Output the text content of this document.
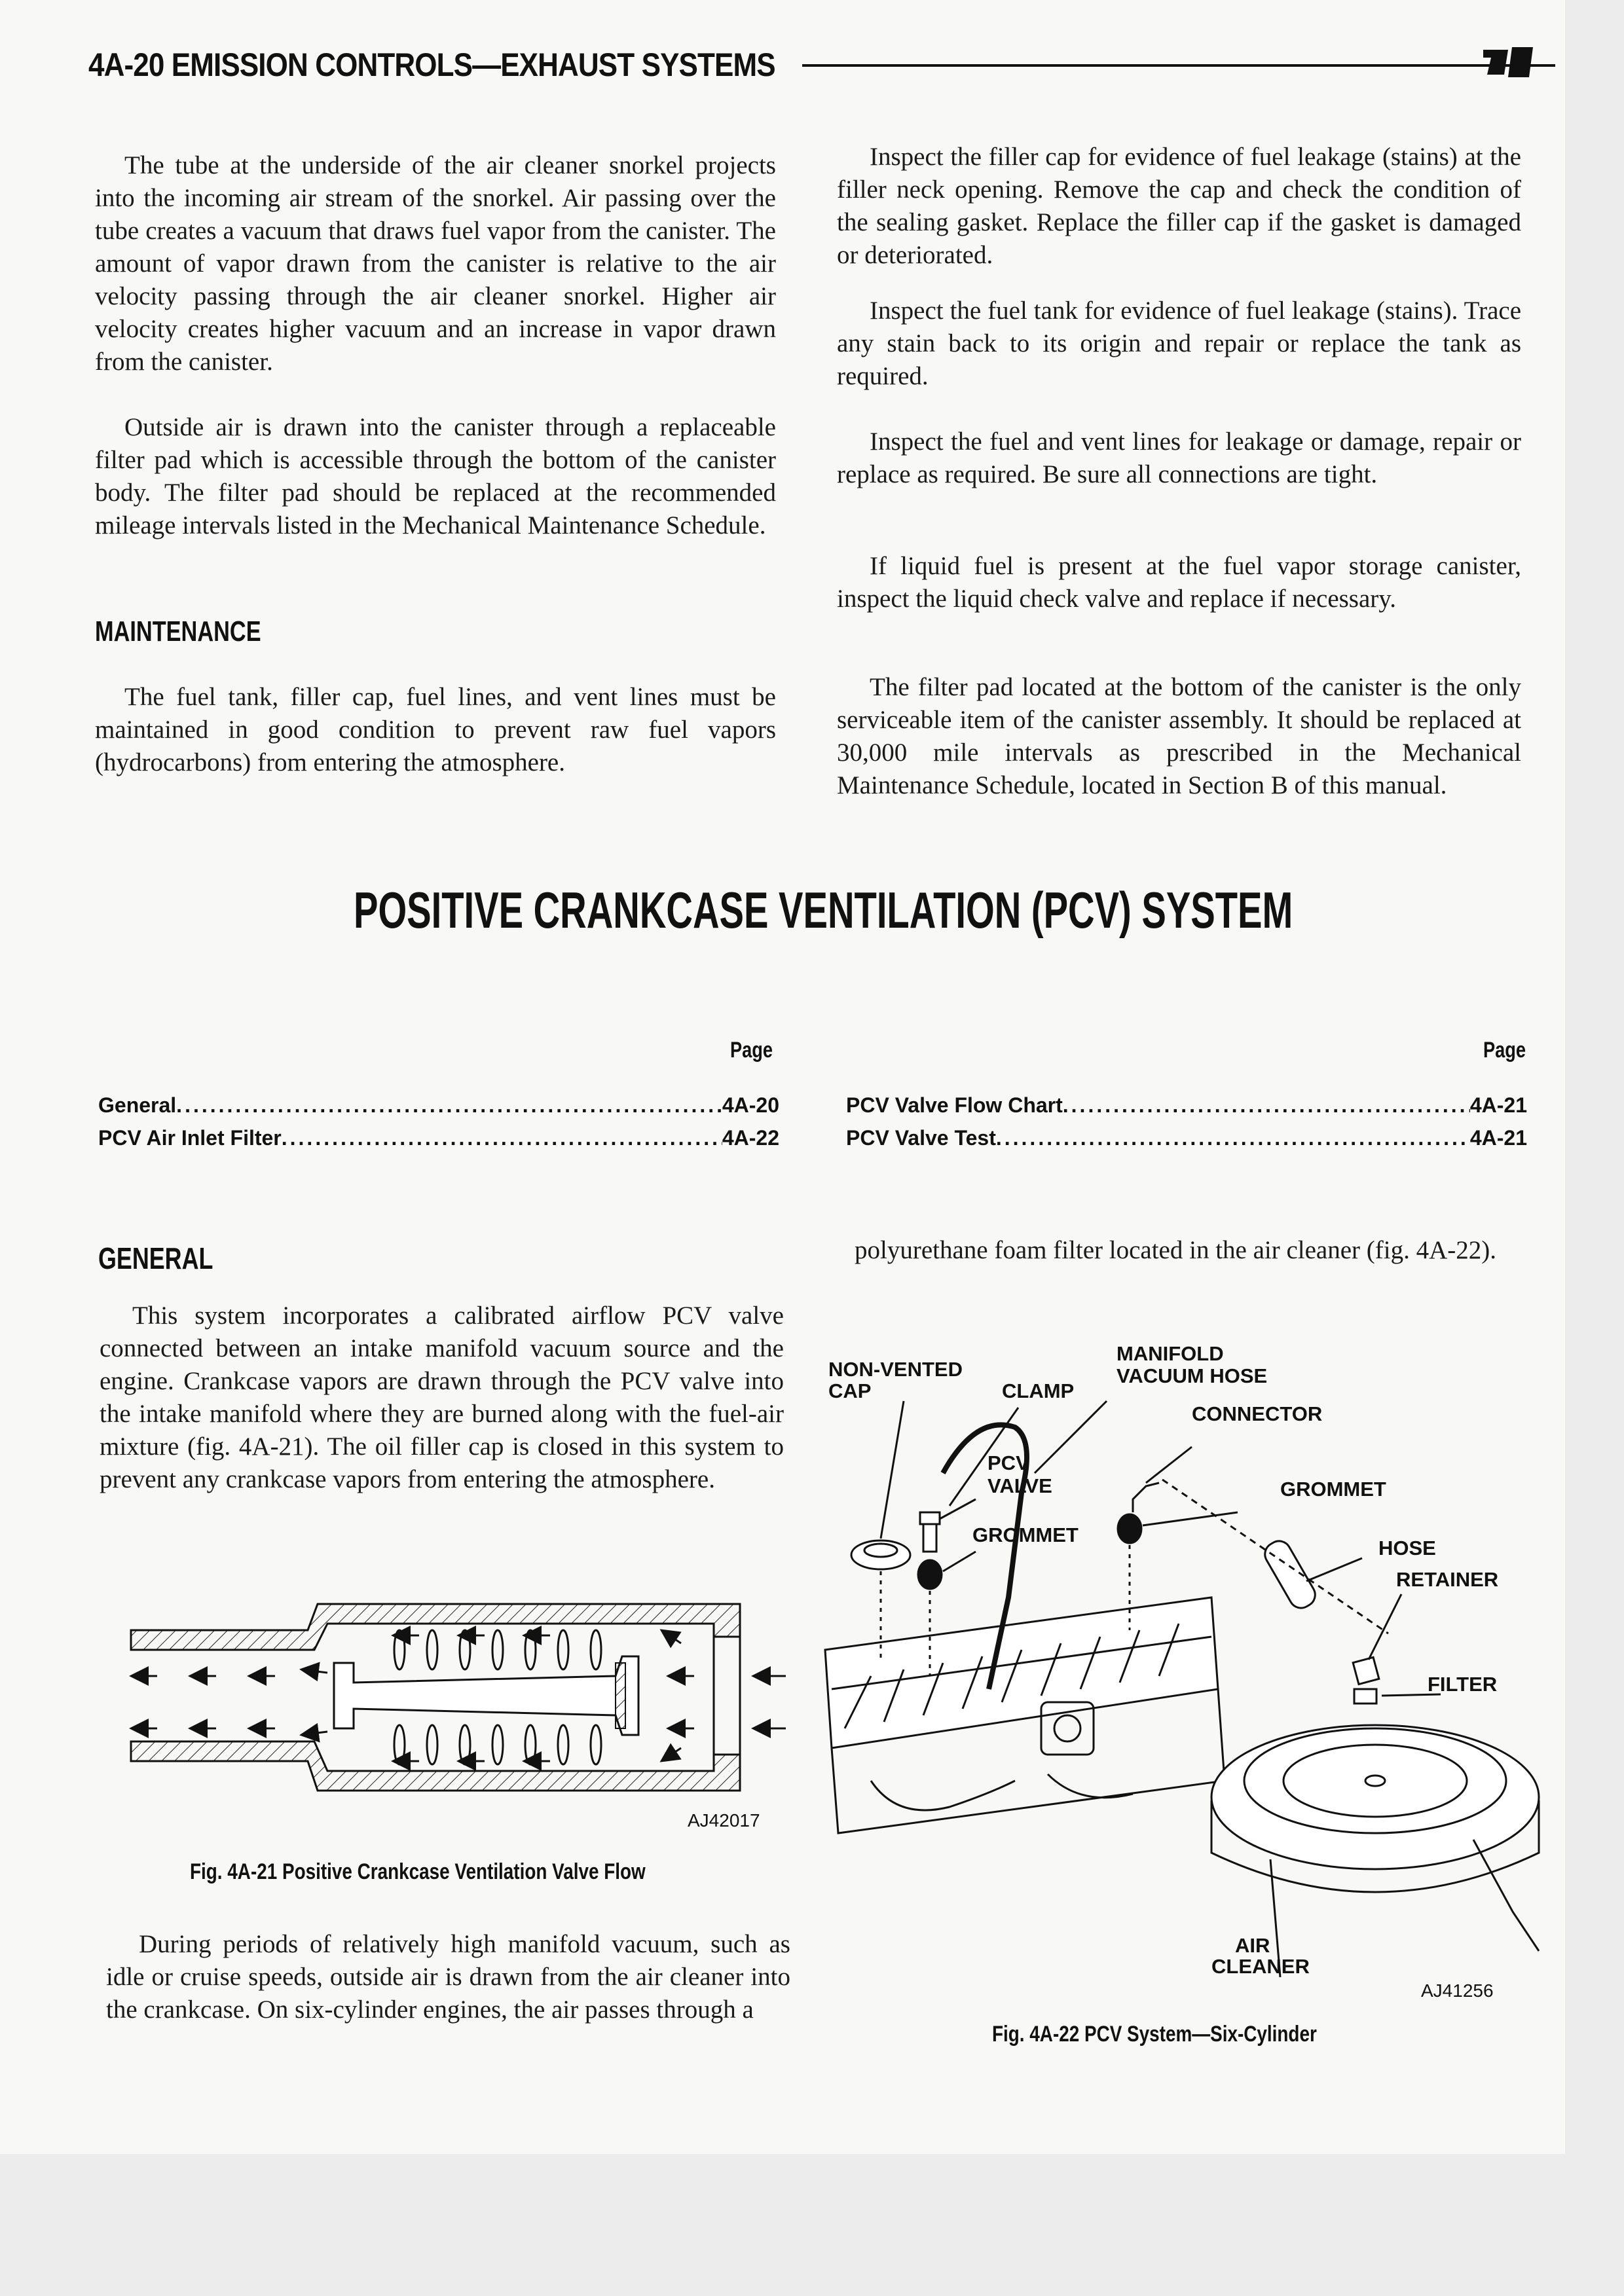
4A-20 EMISSION CONTROLS—EXHAUST SYSTEMS

The tube at the underside of the air cleaner snorkel projects into the incoming air stream of the snorkel. Air passing over the tube creates a vacuum that draws fuel vapor from the canister. The amount of vapor drawn from the canister is relative to the air velocity passing through the air cleaner snorkel. Higher air velocity creates higher vacuum and an increase in vapor drawn from the canister.

Outside air is drawn into the canister through a replaceable filter pad which is accessible through the bottom of the canister body. The filter pad should be replaced at the recommended mileage intervals listed in the Mechanical Maintenance Schedule.

MAINTENANCE

The fuel tank, filler cap, fuel lines, and vent lines must be maintained in good condition to prevent raw fuel vapors (hydrocarbons) from entering the atmosphere.

Inspect the filler cap for evidence of fuel leakage (stains) at the filler neck opening. Remove the cap and check the condition of the sealing gasket. Replace the filler cap if the gasket is damaged or deteriorated.

Inspect the fuel tank for evidence of fuel leakage (stains). Trace any stain back to its origin and repair or replace the tank as required.

Inspect the fuel and vent lines for leakage or damage, repair or replace as required. Be sure all connections are tight.

If liquid fuel is present at the fuel vapor storage canister, inspect the liquid check valve and replace if necessary.

The filter pad located at the bottom of the canister is the only serviceable item of the canister assembly. It should be replaced at 30,000 mile intervals as prescribed in the Mechanical Maintenance Schedule, located in Section B of this manual.

POSITIVE CRANKCASE VENTILATION (PCV) SYSTEM
Page	Page
General .....	4A-20
PCV Air Inlet Filter .....	4A-22
PCV Valve Flow Chart .....	4A-21
PCV Valve Test .....	4A-21
GENERAL

This system incorporates a calibrated airflow PCV valve connected between an intake manifold vacuum source and the engine. Crankcase vapors are drawn through the PCV valve into the intake manifold where they are burned along with the fuel-air mixture (fig. 4A-21). The oil filler cap is closed in this system to prevent any crankcase vapors from entering the atmosphere.

AJ42017
Fig. 4A-21 Positive Crankcase Ventilation Valve Flow

During periods of relatively high manifold vacuum, such as idle or cruise speeds, outside air is drawn from the air cleaner into the crankcase. On six-cylinder engines, the air passes through a

polyurethane foam filter located in the air cleaner (fig. 4A-22).

NON-VENTED
CAP
MANIFOLD
VACUUM HOSE
CLAMP
CONNECTOR
PCV
VALVE	GROMMET
GROMMET
HOSE
RETAINER
FILTER
AIR
CLEANER
AJ41256
Fig. 4A-22 PCV System—Six-Cylinder
